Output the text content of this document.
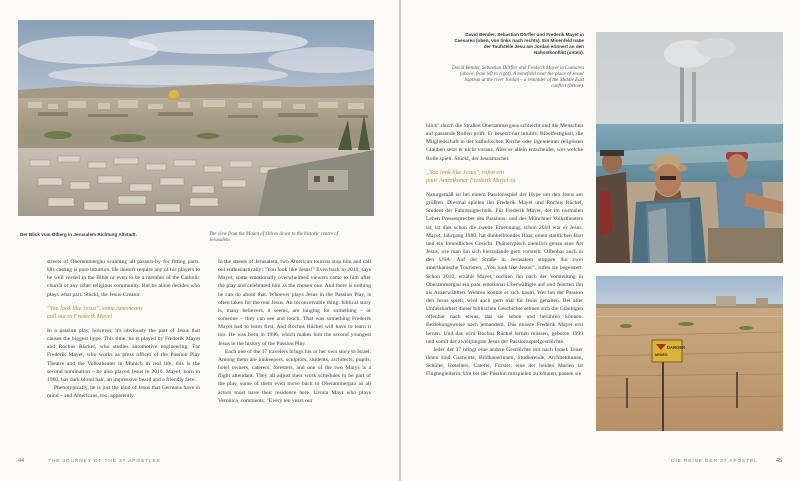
Der Blick vom Ölberg in Jerusalem Richtung Altstadt.	The view from the Mount of Olives down to the historic centre of Jerusalem.

streets of Oberammergau scanning all passers-by for fitting parts. His casting is pure intuition. He doesn't require any of his players to be well versed in the Bible or even to be a member of the Catholic church or any other religious community. But he alone decides who plays what part. Stückl, the Jesus-Creator.

"You look like Jesus", some Americans
call out to Frederik Mayet

In a passion play, however, it's obviously the part of Jesus that causes the biggest hype. This time, he is played by Frederik Mayet and Rochus Rückel, who studies automotive engineering. For Frederik Mayet, who works as press officer of the Passion Play Theatre and the Volkstheater in Munich in real life, this is the second nomination – he also played Jesus in 2010. Mayet, born in 1980, has dark blond hair, an impressive beard and a friendly face.

Phenotypically, he is just the kind of Jesus that Germans have in mind – and Americans, too, apparently.

In the streets of Jerusalem, two American tourists stop him and call out enthusiastically: "You look like Jesus!" Even back in 2010, says Mayet, some emotionally overwhelmed viewers came to him after the play and celebrated him as the chosen one. And there is nothing he can do about that. Whoever plays Jesus in the Passion Play, is often taken for the real Jesus. An inconceivable thing: biblical story is, many believers, it seems, are longing for something – or someone – they can see and touch. That was something Frederik Mayet had to learn first. And Rochus Rückel will have to learn it too. He was born in 1996, which makes him the second youngest Jesus in the history of the Passion Play.

Each one of the 37 travelers brings his or her own story to Israel. Among them are innkeepers, sculptors, students, architects, pupils, hotel owners, caterers, foresters, and one of the two Marys is a flight attendant. They all adjust their work schedules to be part of the play, some of them even move back to Oberammergau as all actors must have their residence here. Ursula Mayr who plays Veronica, comments: "Every ten years our

44	THE JOURNEY OF THE 37 APOSTLES
David Bender, Sebastian Dörfler und Frederik Mayet in Caesarea (oben, von links nach rechts). Ein Minenfeld nahe der Taufstelle Jesu am Jordan erinnert an den Nahostkonflikt (unten).
David Bender, Sebastian Dörfler and Frederik Mayet in Caesarea (above, from left to right). A minefield near the place of Jesus' baptism at the river Jordan – a reminder of the Middle East conflict (below).
DANGER
MINES

blick" durch die Straßen Oberammergaus schleicht und die Menschen auf passende Rollen prüft. Er besetzt nur intuitiv. Bibelfestigkeit, die Mitgliedschaft in der katholischen Kirche oder irgendeiner religiösen Glauben setzt er nicht voraus. Aber er allein entscheidet, wer welche Rolle spielt. Stückl, der Jesusmacher.

„You look like Jesus", rufen ein
paar Amerikaner Frederik Mayet zu

Naturgemäß ist bei einem Passionsspiel der Hype um den Jesus am größten. Diesmal spielen ihn Frederik Mayet und Rochus Rückel, Student der Fahrzeugtechnik. Für Frederik Mayet, der im normalen Leben Pressesprecher des Passions- und des Münchner Volkstheaters ist, ist dies schon die zweite Ernennung, schon 2010 war er Jesus. Mayet, Jahrgang 1980, hat dunkelblondes Haar, einen stattlichen Bart und ein freundliches Gesicht. Phänotypisch ziemlich genau eine Art Jesus, wie man ihn sich hierzulande gern vorstellt. Offenbar auch in den USA: Auf der Straße in Jerusalem stoppen ihn zwei amerikanische Touristen, „You look like Jesus!", rufen sie begeistert. Schon 2010, erzählt Mayet, suchten ihn nach der Vorstellung in Oberammergau ein paar emotional Überwältigte auf und feierten ihn als Auserwählten. Wehren konnte er sich kaum. Wer bei der Passion den Jesus spielt, wird auch gern mal für Jesus gehalten. Bei aller Unfassbarkeit dieser biblischen Geschichte sehnen sich die Gläubigen offenbar nach etwas, das sie sehen und berühren können. Beziehungsweise nach jemandem. Das musste Frederik Mayet erst lernen. Und das wird Rochus Rückel lernen müssen, geboren 1996 und somit der zweitjüngste Jesus der Passionsspielgeschichte.

Jeder der 37 bringt eine andere Geschichte mit nach Israel. Unter ihnen sind Gastwirte, Bildhauerinnen, Studierende, Architektinnen, Schüler, Hoteliers, Caterer, Förster, eine der beiden Marien ist Flugbegleiterin. Um bei der Passion mitspielen zu können, passen sie

DIE REISE DER 37 APOSTEL	45
